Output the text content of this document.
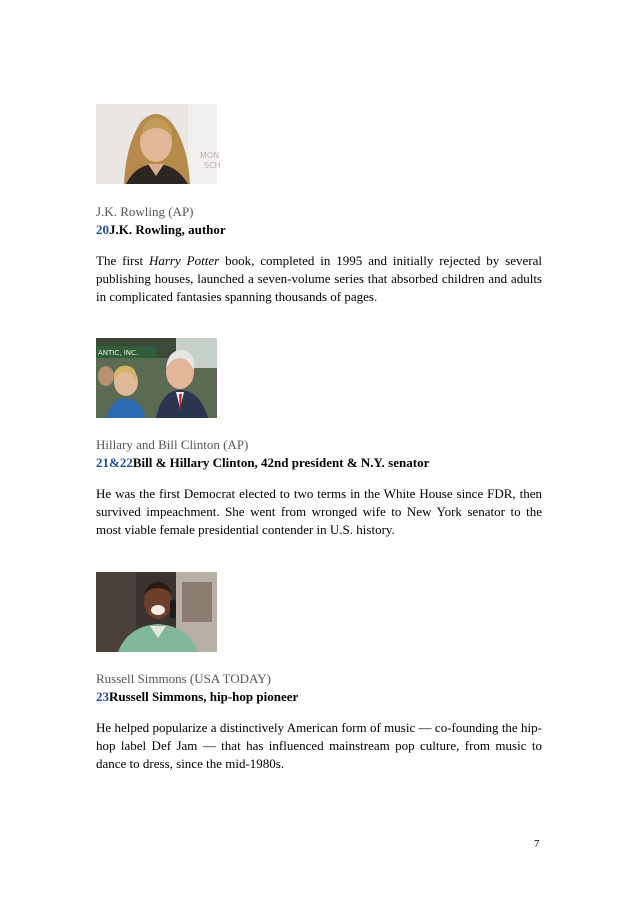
MON
SCH

J.K. Rowling (AP)

20J.K. Rowling, author

The first Harry Potter book, completed in 1995 and initially rejected by several publishing houses, launched a seven-volume series that absorbed children and adults in complicated fantasies spanning thousands of pages.

ANTIC, INC.

Hillary and Bill Clinton (AP)

21&22Bill & Hillary Clinton, 42nd president & N.Y. senator

He was the first Democrat elected to two terms in the White House since FDR, then survived impeachment. She went from wronged wife to New York senator to the most viable female presidential contender in U.S. history.

Russell Simmons (USA TODAY)

23Russell Simmons, hip-hop pioneer

He helped popularize a distinctively American form of music — co-founding the hip-hop label Def Jam — that has influenced mainstream pop culture, from music to dance to dress, since the mid-1980s.

7
